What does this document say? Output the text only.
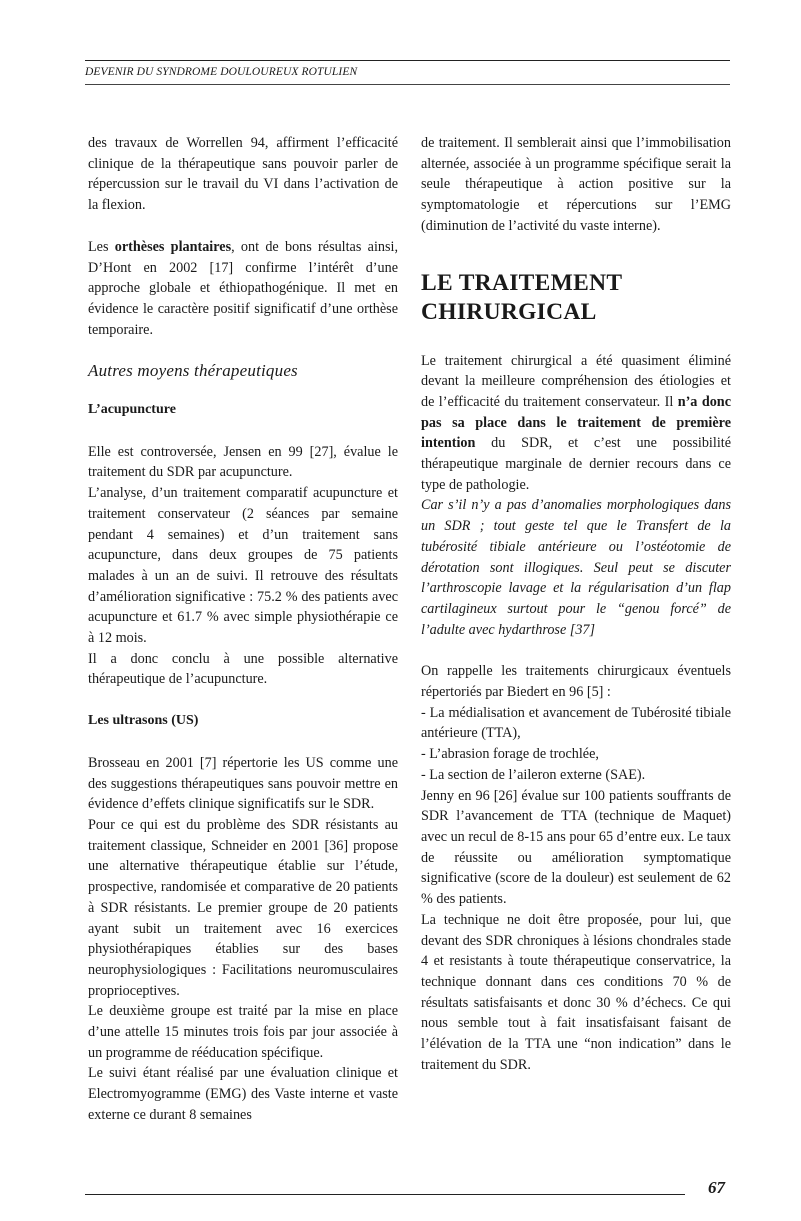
DEVENIR DU SYNDROME DOULOUREUX ROTULIEN

des travaux de Worrellen 94, affirment l’efficacité clinique de la thérapeutique sans pouvoir parler de répercussion sur le travail du VI dans l’activation de la flexion.

Les orthèses plantaires, ont de bons résultas ainsi, D’Hont en 2002 [17] confirme l’intérêt d’une approche globale et éthiopathogénique. Il met en évidence le caractère positif significatif d’une orthèse temporaire.

Autres moyens thérapeutiques
L’acupuncture

Elle est controversée, Jensen en 99 [27], évalue le traitement du SDR par acupuncture.

L’analyse, d’un traitement comparatif acupuncture et traitement conservateur (2 séances par semaine pendant 4 semaines) et d’un traitement sans acupuncture, dans deux groupes de 75 patients malades à un an de suivi. Il retrouve des résultats d’amélioration significative : 75.2 % des patients avec acupuncture et 61.7 % avec simple physiothérapie ce à 12 mois.

Il a donc conclu à une possible alternative thérapeutique de l’acupuncture.

Les ultrasons (US)

Brosseau en 2001 [7] répertorie les US comme une des suggestions thérapeutiques sans pouvoir mettre en évidence d’effets clinique significatifs sur le SDR.

Pour ce qui est du problème des SDR résistants au traitement classique, Schneider en 2001 [36] propose une alternative thérapeutique établie sur l’étude, prospective, randomisée et comparative de 20 patients à SDR résistants. Le premier groupe de 20 patients ayant subit un traitement avec 16 exercices physiothérapiques établies sur des bases neurophysiologiques : Facilitations neuromusculaires proprioceptives.

Le deuxième groupe est traité par la mise en place d’une attelle 15 minutes trois fois par jour associée à un programme de rééducation spécifique.

Le suivi étant réalisé par une évaluation clinique et Electromyogramme (EMG) des Vaste interne et vaste externe ce durant 8 semaines

de traitement. Il semblerait ainsi que l’immobilisation alternée, associée à un programme spécifique serait la seule thérapeutique à action positive sur la symptomatologie et répercutions sur l’EMG (diminution de l’activité du vaste interne).

LE TRAITEMENT
CHIRURGICAL

Le traitement chirurgical a été quasiment éliminé devant la meilleure compréhension des étiologies et de l’efficacité du traitement conservateur. Il n’a donc pas sa place dans le traitement de première intention du SDR, et c’est une possibilité thérapeutique marginale de dernier recours dans ce type de pathologie.

Car s’il n’y a pas d’anomalies morphologiques dans un SDR ; tout geste tel que le Transfert de la tubérosité tibiale antérieure ou l’ostéotomie de dérotation sont illogiques. Seul peut se discuter l’arthroscopie lavage et la régularisation d’un flap cartilagineux surtout pour le “genou forcé” de l’adulte avec hydarthrose [37]

On rappelle les traitements chirurgicaux éventuels répertoriés par Biedert en 96 [5] :

- La médialisation et avancement de Tubérosité tibiale antérieure (TTA),

- L’abrasion forage de trochlée,

- La section de l’aileron externe (SAE).

Jenny en 96 [26] évalue sur 100 patients souffrants de SDR l’avancement de TTA (technique de Maquet) avec un recul de 8-15 ans pour 65 d’entre eux. Le taux de réussite ou amélioration symptomatique significative (score de la douleur) est seulement de 62 % des patients.

La technique ne doit être proposée, pour lui, que devant des SDR chroniques à lésions chondrales stade 4 et resistants à toute thérapeutique conservatrice, la technique donnant dans ces conditions 70 % de résultats satisfaisants et donc 30 % d’échecs. Ce qui nous semble tout à fait insatisfaisant faisant de l’élévation de la TTA une “non indication” dans le traitement du SDR.

67
